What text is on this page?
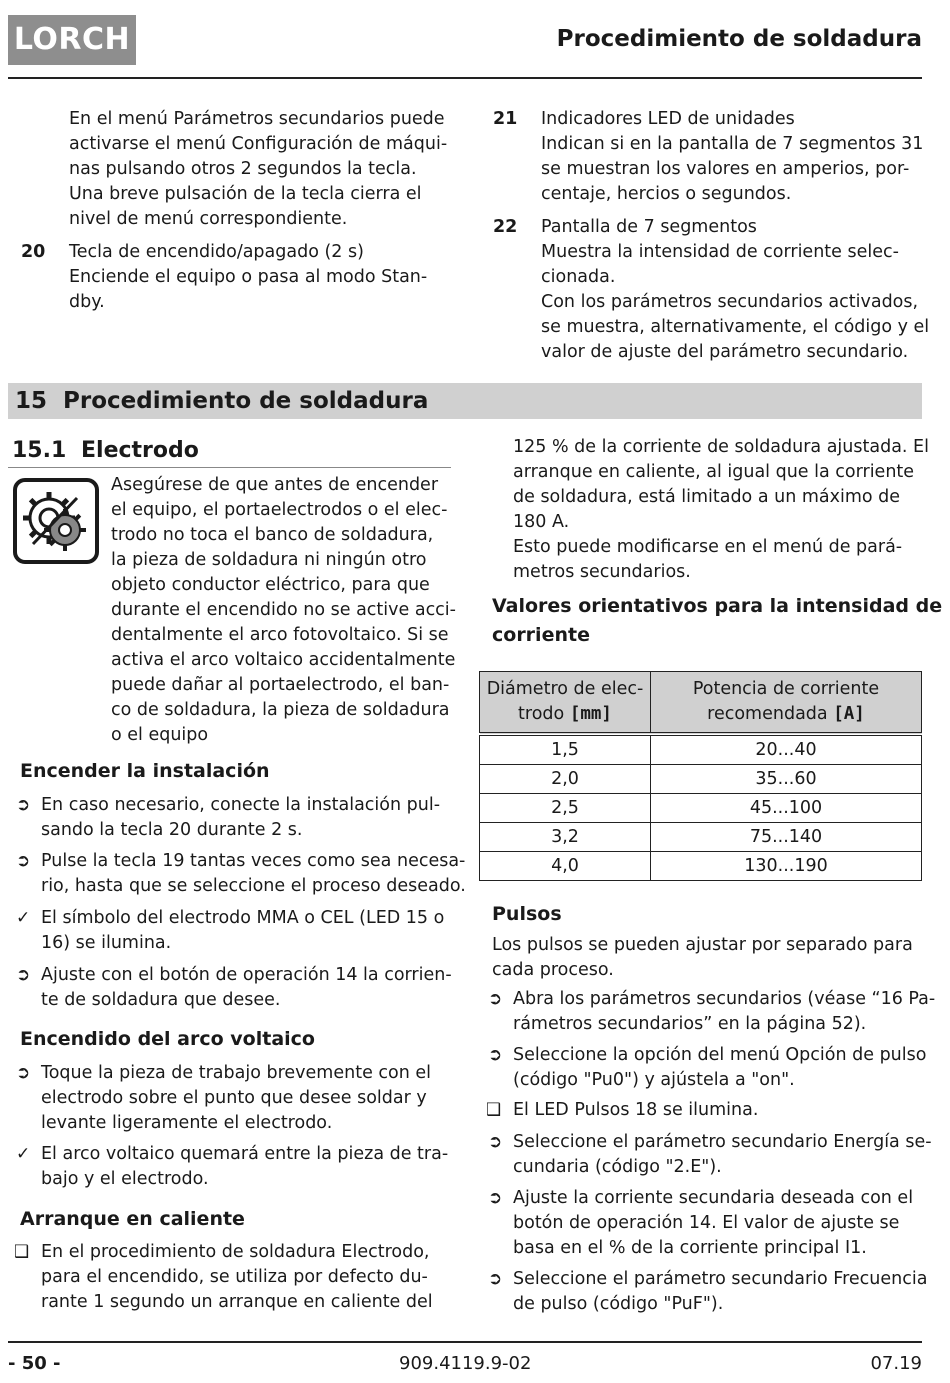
LORCH	Procedimiento de soldadura
En el menú Parámetros secundarios puede
activarse el menú Configuración de máqui-
nas pulsando otros 2 segundos la tecla.
Una breve pulsación de la tecla cierra el
nivel de menú correspondiente.
20 Tecla de encendido/apagado (2 s)
Enciende el equipo o pasa al modo Stan-
dby.
21 Indicadores LED de unidades
Indican si en la pantalla de 7 segmentos 31
se muestran los valores en amperios, por-
centaje, hercios o segundos.
22 Pantalla de 7 segmentos
Muestra la intensidad de corriente selec-
cionada.
Con los parámetros secundarios activados,
se muestra, alternativamente, el código y el
valor de ajuste del parámetro secundario.
15 Procedimiento de soldadura
15.1 Electrodo
Asegúrese de que antes de encender
el equipo, el portaelectrodos o el elec-
trodo no toca el banco de soldadura,
la pieza de soldadura ni ningún otro
objeto conductor eléctrico, para que
durante el encendido no se active acci-
dentalmente el arco fotovoltaico. Si se
activa el arco voltaico accidentalmente
puede dañar al portaelectrodo, el ban-
co de soldadura, la pieza de soldadura
o el equipo
Encender la instalación
➲ En caso necesario, conecte la instalación pul-
sando la tecla 20 durante 2 s.
➲ Pulse la tecla 19 tantas veces como sea necesa-
rio, hasta que se seleccione el proceso deseado.
✓ El símbolo del electrodo MMA o CEL (LED 15 o
16) se ilumina.
➲ Ajuste con el botón de operación 14 la corrien-
te de soldadura que desee.
Encendido del arco voltaico
➲ Toque la pieza de trabajo brevemente con el
electrodo sobre el punto que desee soldar y
levante ligeramente el electrodo.
✓ El arco voltaico quemará entre la pieza de tra-
bajo y el electrodo.
Arranque en caliente
❑ En el procedimiento de soldadura Electrodo,
para el encendido, se utiliza por defecto du-
rante 1 segundo un arranque en caliente del
125 % de la corriente de soldadura ajustada. El
arranque en caliente, al igual que la corriente
de soldadura, está limitado a un máximo de
180 A.
Esto puede modificarse en el menú de pará-
metros secundarios.
Valores orientativos para la intensidad de
corriente
Diámetro de elec-
trodo [mm]	Potencia de corriente
recomendada [A]
1,5	20...40
2,0	35...60
2,5	45...100
3,2	75...140
4,0	130...190
Pulsos
Los pulsos se pueden ajustar por separado para
cada proceso.
➲ Abra los parámetros secundarios (véase “16 Pa-
rámetros secundarios” en la página 52).
➲ Seleccione la opción del menú Opción de pulso
(código "Pu0") y ajústela a "on".
❑ El LED Pulsos 18 se ilumina.
➲ Seleccione el parámetro secundario Energía se-
cundaria (código "2.E").
➲ Ajuste la corriente secundaria deseada con el
botón de operación 14. El valor de ajuste se
basa en el % de la corriente principal I1.
➲ Seleccione el parámetro secundario Frecuencia
de pulso (código "PuF").
- 50 -	909.4119.9-02	07.19
